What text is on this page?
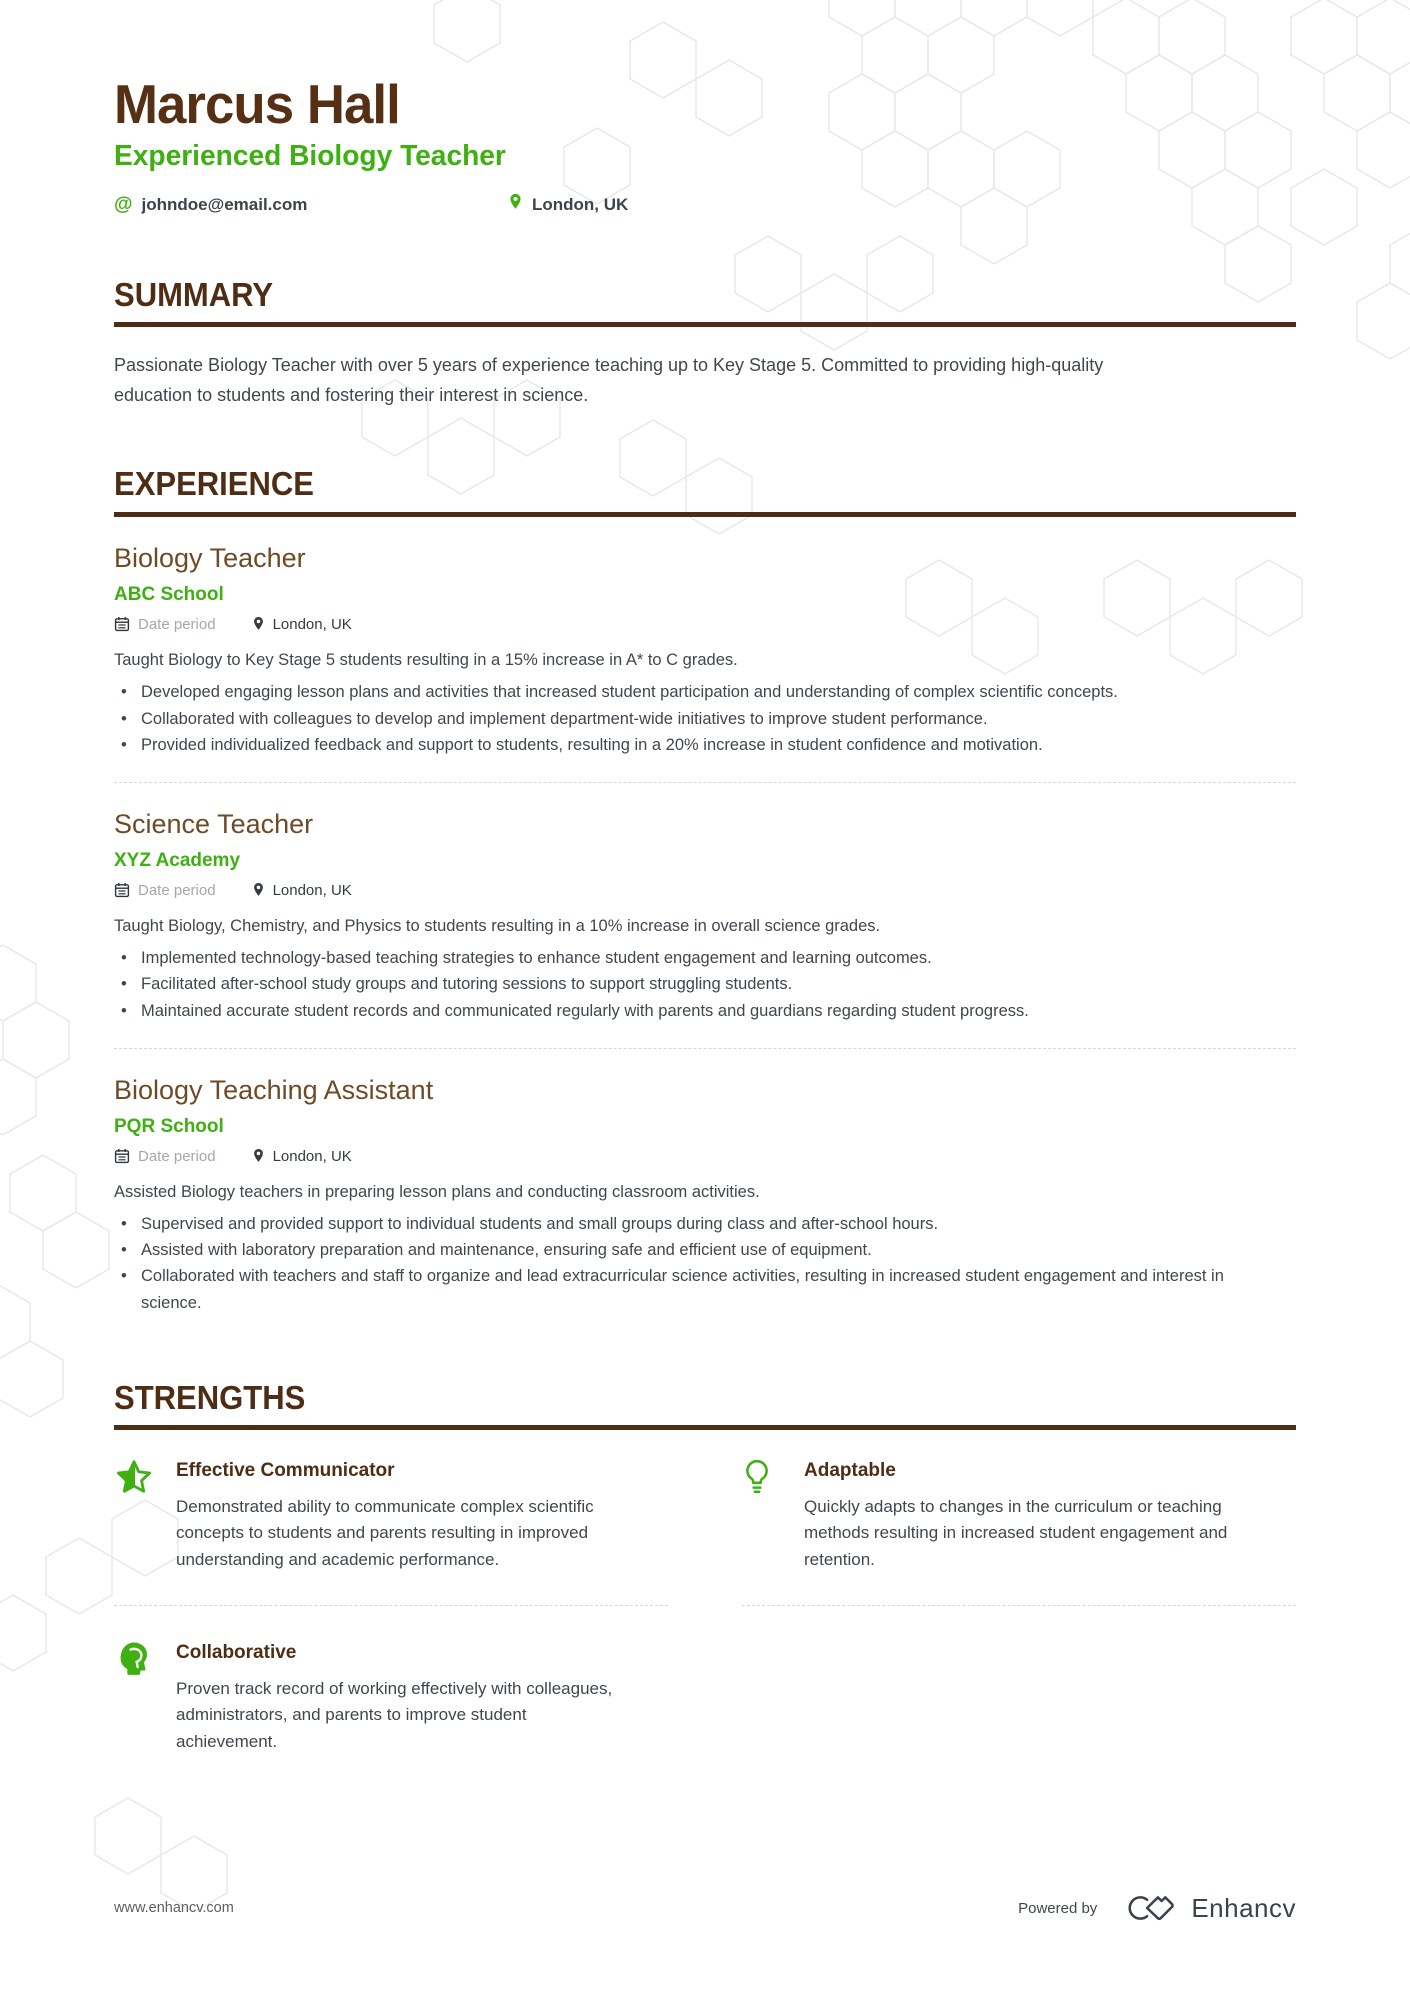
Marcus Hall
Experienced Biology Teacher
@ johndoe@email.com	London, UK
SUMMARY

Passionate Biology Teacher with over 5 years of experience teaching up to Key Stage 5. Committed to providing high-quality education to students and fostering their interest in science.

EXPERIENCE
Biology Teacher
ABC School
Date period	London, UK

Taught Biology to Key Stage 5 students resulting in a 15% increase in A* to C grades.

• Developed engaging lesson plans and activities that increased student participation and understanding of complex scientific concepts.
• Collaborated with colleagues to develop and implement department-wide initiatives to improve student performance.
• Provided individualized feedback and support to students, resulting in a 20% increase in student confidence and motivation.
Science Teacher
XYZ Academy
Date period	London, UK

Taught Biology, Chemistry, and Physics to students resulting in a 10% increase in overall science grades.

• Implemented technology-based teaching strategies to enhance student engagement and learning outcomes.
• Facilitated after-school study groups and tutoring sessions to support struggling students.
• Maintained accurate student records and communicated regularly with parents and guardians regarding student progress.
Biology Teaching Assistant
PQR School
Date period	London, UK

Assisted Biology teachers in preparing lesson plans and conducting classroom activities.

• Supervised and provided support to individual students and small groups during class and after-school hours.
• Assisted with laboratory preparation and maintenance, ensuring safe and efficient use of equipment.
• Collaborated with teachers and staff to organize and lead extracurricular science activities, resulting in increased student engagement and interest in science.
STRENGTHS
Effective Communicator

Demonstrated ability to communicate complex scientific concepts to students and parents resulting in improved understanding and academic performance.

Adaptable

Quickly adapts to changes in the curriculum or teaching methods resulting in increased student engagement and retention.

Collaborative

Proven track record of working effectively with colleagues, administrators, and parents to improve student achievement.

www.enhancv.com	Powered by	Enhancv
